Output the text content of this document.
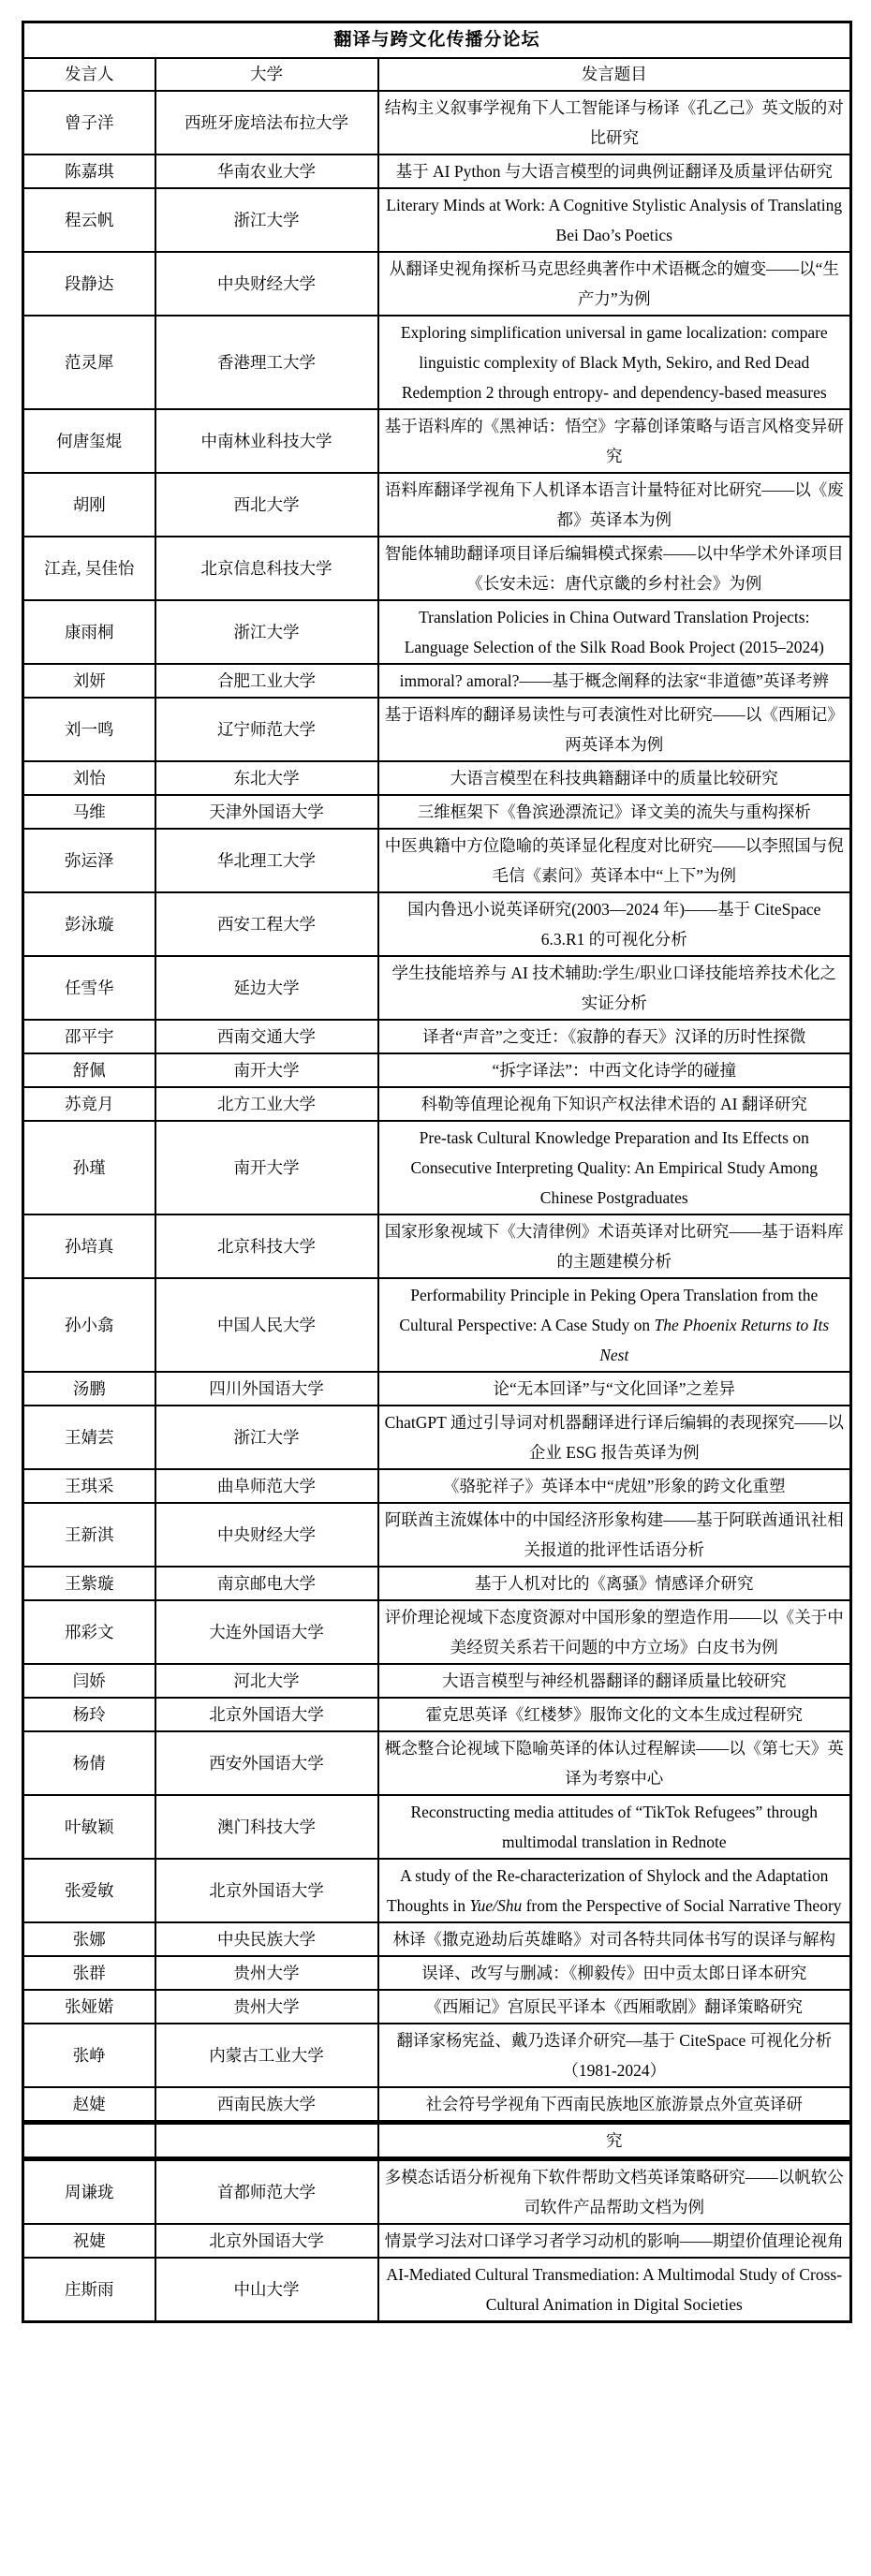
翻译与跨文化传播分论坛		
发言人	大学	发言题目
曾子洋	西班牙庞培法布拉大学	结构主义叙事学视角下人工智能译与杨译《孔乙己》英文版的对比研究
陈嘉琪	华南农业大学	基于 AI Python 与大语言模型的词典例证翻译及质量评估研究
程云帆	浙江大学	Literary Minds at Work: A Cognitive Stylistic Analysis of Translating Bei Dao’s Poetics
段静达	中央财经大学	从翻译史视角探析马克思经典著作中术语概念的嬗变——以“生产力”为例
范灵犀	香港理工大学	Exploring simplification universal in game localization: compare linguistic complexity of Black Myth, Sekiro, and Red Dead Redemption 2 through entropy- and dependency-based measures
何唐玺焜	中南林业科技大学	基于语料库的《黑神话：悟空》字幕创译策略与语言风格变异研究
胡刚	西北大学	语料库翻译学视角下人机译本语言计量特征对比研究——以《废都》英译本为例
江垚, 吴佳怡	北京信息科技大学	智能体辅助翻译项目译后编辑模式探索——以中华学术外译项目《长安未远：唐代京畿的乡村社会》为例
康雨桐	浙江大学	Translation Policies in China Outward Translation Projects: Language Selection of the Silk Road Book Project (2015–2024)
刘妍	合肥工业大学	immoral? amoral?——基于概念阐释的法家“非道德”英译考辨
刘一鸣	辽宁师范大学	基于语料库的翻译易读性与可表演性对比研究——以《西厢记》两英译本为例
刘怡	东北大学	大语言模型在科技典籍翻译中的质量比较研究
马维	天津外国语大学	三维框架下《鲁滨逊漂流记》译文美的流失与重构探析
弥运泽	华北理工大学	中医典籍中方位隐喻的英译显化程度对比研究——以李照国与倪毛信《素问》英译本中“上下”为例
彭泳璇	西安工程大学	国内鲁迅小说英译研究(2003—2024 年)——基于 CiteSpace 6.3.R1 的可视化分析
任雪华	延边大学	学生技能培养与 AI 技术辅助:学生/职业口译技能培养技术化之实证分析
邵平宇	西南交通大学	译者“声音”之变迁：《寂静的春天》汉译的历时性探微
舒佩	南开大学	“拆字译法”：中西文化诗学的碰撞
苏竟月	北方工业大学	科勒等值理论视角下知识产权法律术语的 AI 翻译研究
孙瑾	南开大学	Pre-task Cultural Knowledge Preparation and Its Effects on Consecutive Interpreting Quality: An Empirical Study Among Chinese Postgraduates
孙培真	北京科技大学	国家形象视域下《大清律例》术语英译对比研究——基于语料库的主题建模分析
孙小翕	中国人民大学	Performability Principle in Peking Opera Translation from the Cultural Perspective: A Case Study on The Phoenix Returns to Its Nest
汤鹏	四川外国语大学	论“无本回译”与“文化回译”之差异
王婧芸	浙江大学	ChatGPT 通过引导词对机器翻译进行译后编辑的表现探究——以企业 ESG 报告英译为例
王琪采	曲阜师范大学	《骆驼祥子》英译本中“虎妞”形象的跨文化重塑
王新淇	中央财经大学	阿联酋主流媒体中的中国经济形象构建——基于阿联酋通讯社相关报道的批评性话语分析
王紫璇	南京邮电大学	基于人机对比的《离骚》情感译介研究
邢彩文	大连外国语大学	评价理论视域下态度资源对中国形象的塑造作用——以《关于中美经贸关系若干问题的中方立场》白皮书为例
闫娇	河北大学	大语言模型与神经机器翻译的翻译质量比较研究
杨玲	北京外国语大学	霍克思英译《红楼梦》服饰文化的文本生成过程研究
杨倩	西安外国语大学	概念整合论视域下隐喻英译的体认过程解读——以《第七天》英译为考察中心
叶敏颖	澳门科技大学	Reconstructing media attitudes of “TikTok Refugees” through multimodal translation in Rednote
张爱敏	北京外国语大学	A study of the Re-characterization of Shylock and the Adaptation Thoughts in Yue/Shu from the Perspective of Social Narrative Theory
张娜	中央民族大学	林译《撒克逊劫后英雄略》对司各特共同体书写的误译与解构
张群	贵州大学	误译、改写与删减：《柳毅传》田中贡太郎日译本研究
张娅婼	贵州大学	《西厢记》宫原民平译本《西厢歌剧》翻译策略研究
张峥	内蒙古工业大学	翻译家杨宪益、戴乃迭译介研究—基于 CiteSpace 可视化分析（1981-2024）
赵婕	西南民族大学	社会符号学视角下西南民族地区旅游景点外宣英译研
		究
周谦珑	首都师范大学	多模态话语分析视角下软件帮助文档英译策略研究——以帆软公司软件产品帮助文档为例
祝婕	北京外国语大学	情景学习法对口译学习者学习动机的影响——期望价值理论视角
庄斯雨	中山大学	AI-Mediated Cultural Transmediation: A Multimodal Study of Cross-Cultural Animation in Digital Societies
